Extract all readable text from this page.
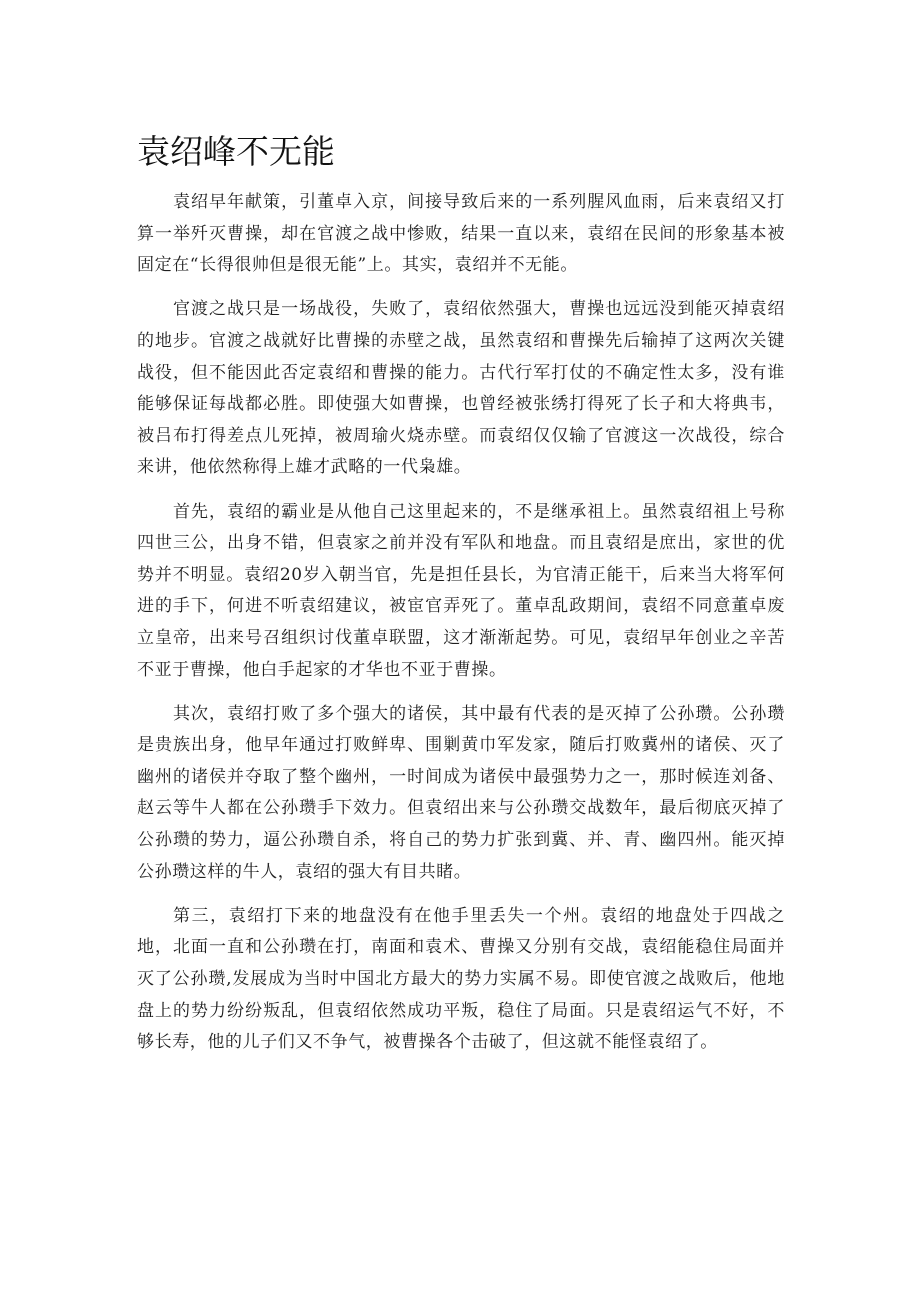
袁绍峰不无能

袁绍早年献策，引董卓入京，间接导致后来的一系列腥风血雨，后来袁绍又打算一举歼灭曹操，却在官渡之战中惨败，结果一直以来，袁绍在民间的形象基本被固定在“长得很帅但是很无能”上。其实，袁绍并不无能。

官渡之战只是一场战役，失败了，袁绍依然强大，曹操也远远没到能灭掉袁绍的地步。官渡之战就好比曹操的赤壁之战，虽然袁绍和曹操先后输掉了这两次关键战役，但不能因此否定袁绍和曹操的能力。古代行军打仗的不确定性太多，没有谁能够保证每战都必胜。即使强大如曹操，也曾经被张绣打得死了长子和大将典韦，被吕布打得差点儿死掉，被周瑜火烧赤壁。而袁绍仅仅输了官渡这一次战役，综合来讲，他依然称得上雄才武略的一代枭雄。

首先，袁绍的霸业是从他自己这里起来的，不是继承祖上。虽然袁绍祖上号称四世三公，出身不错，但袁家之前并没有军队和地盘。而且袁绍是庶出，家世的优势并不明显。袁绍20岁入朝当官，先是担任县长，为官清正能干，后来当大将军何进的手下，何进不听袁绍建议，被宦官弄死了。董卓乱政期间，袁绍不同意董卓废立皇帝，出来号召组织讨伐董卓联盟，这才渐渐起势。可见，袁绍早年创业之辛苦不亚于曹操，他白手起家的才华也不亚于曹操。

其次，袁绍打败了多个强大的诸侯，其中最有代表的是灭掉了公孙瓒。公孙瓒是贵族出身，他早年通过打败鲜卑、围剿黄巾军发家，随后打败冀州的诸侯、灭了幽州的诸侯并夺取了整个幽州，一时间成为诸侯中最强势力之一，那时候连刘备、赵云等牛人都在公孙瓒手下效力。但袁绍出来与公孙瓒交战数年，最后彻底灭掉了公孙瓒的势力，逼公孙瓒自杀，将自己的势力扩张到冀、并、青、幽四州。能灭掉公孙瓒这样的牛人，袁绍的强大有目共睹。

第三，袁绍打下来的地盘没有在他手里丢失一个州。袁绍的地盘处于四战之地，北面一直和公孙瓒在打，南面和袁术、曹操又分别有交战，袁绍能稳住局面并灭了公孙瓒,发展成为当时中国北方最大的势力实属不易。即使官渡之战败后，他地盘上的势力纷纷叛乱，但袁绍依然成功平叛，稳住了局面。只是袁绍运气不好，不够长寿，他的儿子们又不争气，被曹操各个击破了，但这就不能怪袁绍了。
